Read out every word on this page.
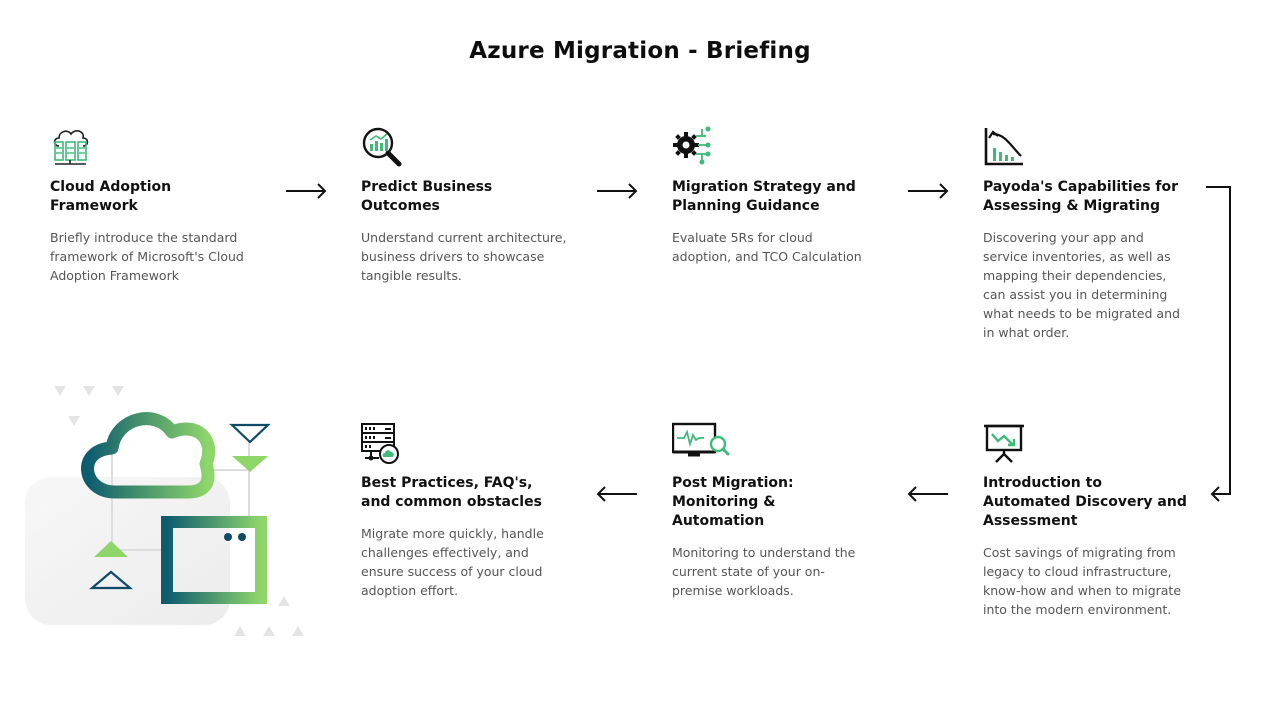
Azure Migration - Briefing
Cloud Adoption Framework

Briefly introduce the standard framework of Microsoft's Cloud Adoption Framework

Predict Business Outcomes

Understand current architecture, business drivers to showcase tangible results.

Migration Strategy and Planning Guidance

Evaluate 5Rs for cloud adoption, and TCO Calculation

Payoda's Capabilities for Assessing & Migrating

Discovering your app and service inventories, as well as mapping their dependencies, can assist you in determining what needs to be migrated and in what order.

Introduction to Automated Discovery and Assessment

Cost savings of migrating from legacy to cloud infrastructure, know-how and when to migrate into the modern environment.

Post Migration: Monitoring & Automation

Monitoring to understand the current state of your on-premise workloads.

Best Practices, FAQ's, and common obstacles

Migrate more quickly, handle challenges effectively, and ensure success of your cloud adoption effort.
